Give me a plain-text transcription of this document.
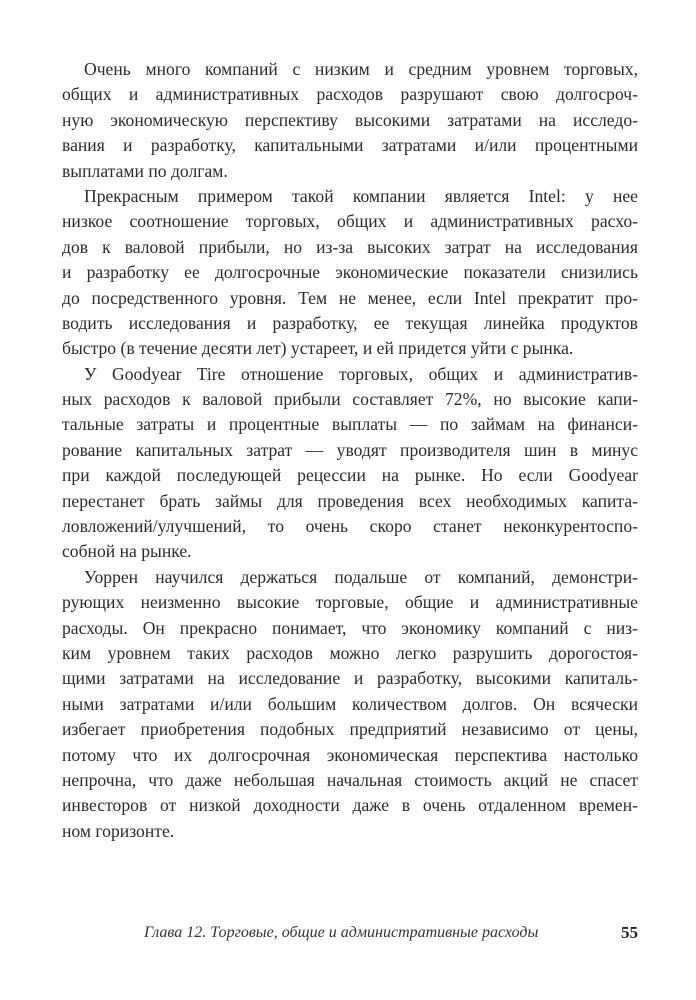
Очень много компаний с низким и средним уровнем торговых,
общих и административных расходов разрушают свою долгосроч-
ную экономическую перспективу высокими затратами на исследо-
вания и разработку, капитальными затратами и/или процентными
выплатами по долгам.
Прекрасным примером такой компании является Intel: у нее
низкое соотношение торговых, общих и административных расхо-
дов к валовой прибыли, но из-за высоких затрат на исследования
и разработку ее долгосрочные экономические показатели снизились
до посредственного уровня. Тем не менее, если Intel прекратит про-
водить исследования и разработку, ее текущая линейка продуктов
быстро (в течение десяти лет) устареет, и ей придется уйти с рынка.
У Goodyear Tire отношение торговых, общих и административ-
ных расходов к валовой прибыли составляет 72%, но высокие капи-
тальные затраты и процентные выплаты — по займам на финанси-
рование капитальных затрат — уводят производителя шин в минус
при каждой последующей рецессии на рынке. Но если Goodyear
перестанет брать займы для проведения всех необходимых капита-
ловложений/улучшений, то очень скоро станет неконкурентоспо-
собной на рынке.
Уоррен научился держаться подальше от компаний, демонстри-
рующих неизменно высокие торговые, общие и административные
расходы. Он прекрасно понимает, что экономику компаний с низ-
ким уровнем таких расходов можно легко разрушить дорогостоя-
щими затратами на исследование и разработку, высокими капиталь-
ными затратами и/или большим количеством долгов. Он всячески
избегает приобретения подобных предприятий независимо от цены,
потому что их долгосрочная экономическая перспектива настолько
непрочна, что даже небольшая начальная стоимость акций не спасет
инвесторов от низкой доходности даже в очень отдаленном времен-
ном горизонте.
Глава 12. Торговые, общие и административные расходы	55
